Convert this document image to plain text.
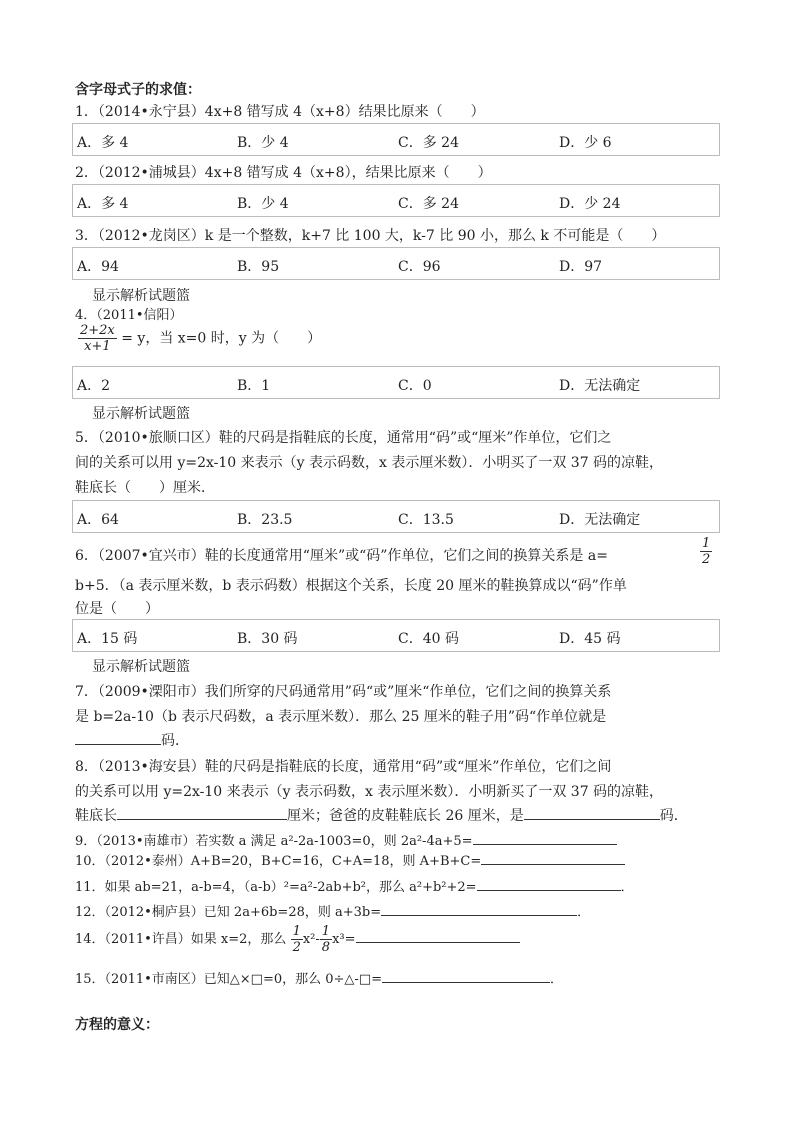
含字母式子的求值：
1．（2014•永宁县）4x+8 错写成 4（x+8）结果比原来（　　）
A．多 4	B．少 4	C．多 24	D．少 6
2．（2012•浦城县）4x+8 错写成 4（x+8），结果比原来（　　）
A．多 4	B．少 4	C．多 24	D．少 24
3．（2012•龙岗区）k 是一个整数，k+7 比 100 大，k-7 比 90 小，那么 k 不可能是（　　）
A．94	B．95	C．96	D．97
显示解析试题篮
4．（2011•信阳）
$\frac{2+2x}{x+1} = y$，当 x=0 时，y 为（　　）
A．2	B．1	C．0	D．无法确定
显示解析试题篮
5．（2010•旅顺口区）鞋的尺码是指鞋底的长度，通常用“码”或“厘米”作单位，它们之
间的关系可以用 y=2x-10 来表示（y 表示码数，x 表示厘米数）．小明买了一双 37 码的凉鞋，
鞋底长（　　）厘米．
A．64	B．23.5	C．13.5	D．无法确定
6．（2007•宜兴市）鞋的长度通常用“厘米”或“码”作单位，它们之间的换算关系是 a=	$\frac{1}{2}$
b+5．（a 表示厘米数，b 表示码数）根据这个关系，长度 20 厘米的鞋换算成以“码”作单
位是（　　）
A．15 码	B．30 码	C．40 码	D．45 码
显示解析试题篮
7．（2009•溧阳市）我们所穿的尺码通常用”码“或”厘米“作单位，它们之间的换算关系
是 b=2a-10（b 表示尺码数，a 表示厘米数）．那么 25 厘米的鞋子用”码“作单位就是
码．
8．（2013•海安县）鞋的尺码是指鞋底的长度，通常用“码”或“厘米”作单位，它们之间
的关系可以用 y=2x-10 来表示（y 表示码数，x 表示厘米数）．小明新买了一双 37 码的凉鞋，
鞋底长	厘米；爸爸的皮鞋鞋底长 26 厘米，是	码．
9．（2013•南雄市）若实数 a 满足 a²-2a-1003=0，则 2a²-4a+5=
10．（2012•泰州）A+B=20，B+C=16，C+A=18，则 A+B+C=
11．如果 ab=21，a-b=4，（a-b）²=a²-2ab+b²，那么 a²+b²+2=	．
12．（2012•桐庐县）已知 2a+6b=28，则 a+3b=	．
14．（2011•许昌）如果 x=2，那么 $\frac{1}{2} x^2- \frac{1}{8} x^3=$
15．（2011•市南区）已知△×□=0，那么 0÷△-□=	．
方程的意义：
